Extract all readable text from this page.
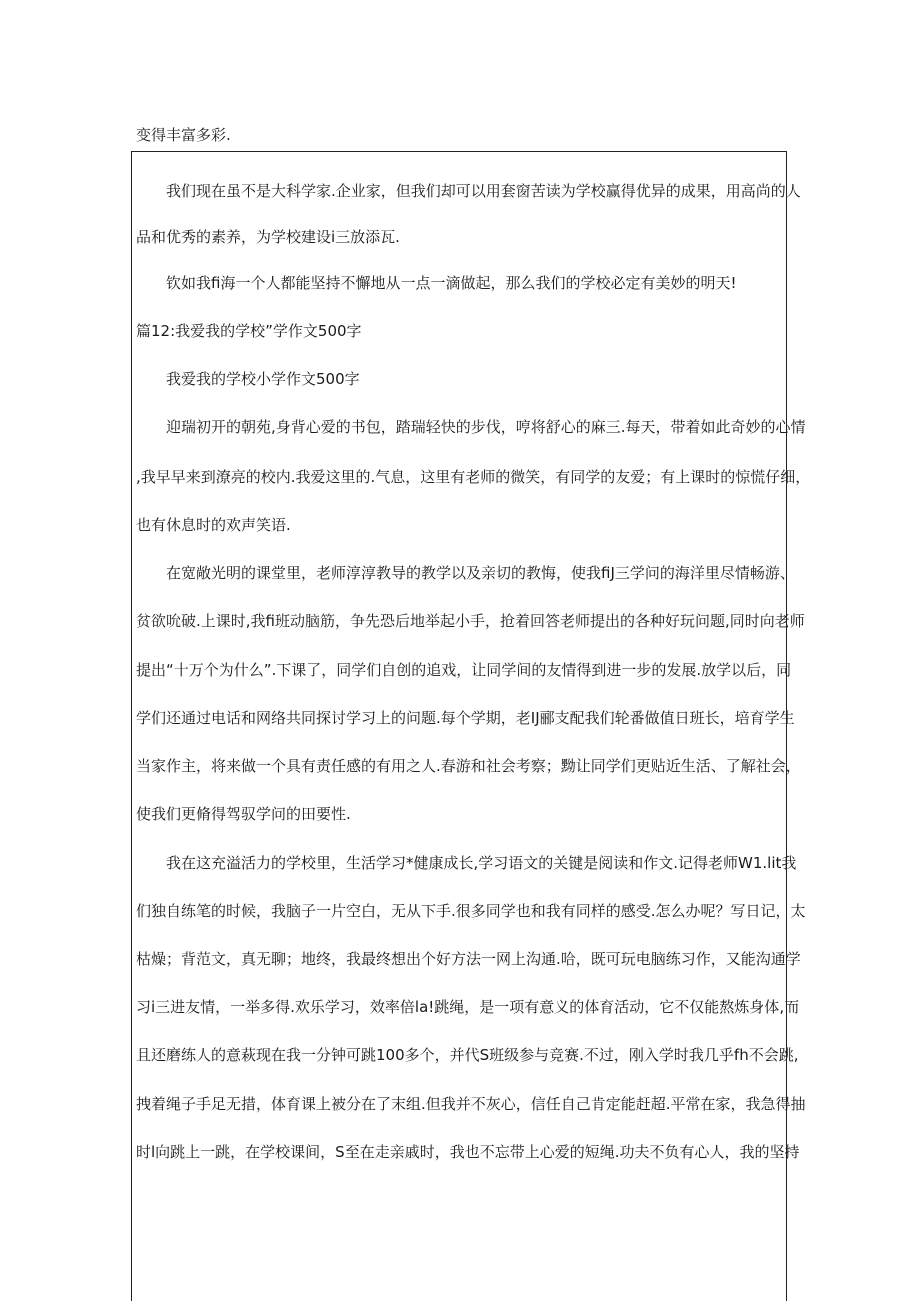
变得丰富多彩.
我们现在虽不是大科学家.企业家，但我们却可以用套窗苦读为学校赢得优异的成果，用高尚的人
品和优秀的素养，为学校建设i三放添瓦.
钦如我fi海一个人都能坚持不懈地从一点一滴做起，那么我们的学校必定有美妙的明天!
篇12:我爱我的学校”学作文500字
我爱我的学校小学作文500字
迎瑞初开的朝苑,身背心爱的书包，踏瑞轻快的步伐，哼将舒心的麻三.每天，带着如此奇妙的心情
,我早早来到潦亮的校内.我爱这里的.气息，这里有老师的微笑，有同学的友爱；有上课时的惊慌仔细，
也有休息时的欢声笑语.
在宽敞光明的课堂里，老师淳淳教导的教学以及亲切的教悔，使我fiJ三学问的海洋里尽情畅游、
贫欲吮破.上课时,我fi班动脑筋，争先恐后地举起小手，抢着回答老师提出的各种好玩问题,同时向老师
提出“十万个为什么”.下课了，同学们自创的追戏，让同学间的友情得到进一步的发展.放学以后，同
学们还通过电话和网络共同探讨学习上的问题.每个学期，老IJ郦支配我们轮番做值日班长，培育学生
当家作主，将来做一个具有责任感的有用之人.春游和社会考察；黝让同学们更贴近生活、了解社会，
使我们更脩得驾驭学问的田要性.
我在这充溢活力的学校里，生活学习*健康成长,学习语文的关键是阅读和作文.记得老师W1.lit我
们独自练笔的时候，我脑子一片空白，无从下手.很多同学也和我有同样的感受.怎么办呢？写日记，太
枯燥；背范文，真无聊；地终，我最终想出个好方法一网上沟通.哈，既可玩电脑练习作，又能沟通学
习i三进友情，一举多得.欢乐学习，效率倍la!跳绳，是一项有意义的体育活动，它不仅能熬炼身体,而
且还磨练人的意萩现在我一分钟可跳100多个，并代S班级参与竞赛.不过，刚入学时我几乎fh不会跳,
拽着绳子手足无措，体育课上被分在了末组.但我并不灰心，信任自己肯定能赶超.平常在家，我急得抽
时l向跳上一跳，在学校课间，S至在走亲戚时，我也不忘带上心爱的短绳.功夫不负有心人，我的坚持
